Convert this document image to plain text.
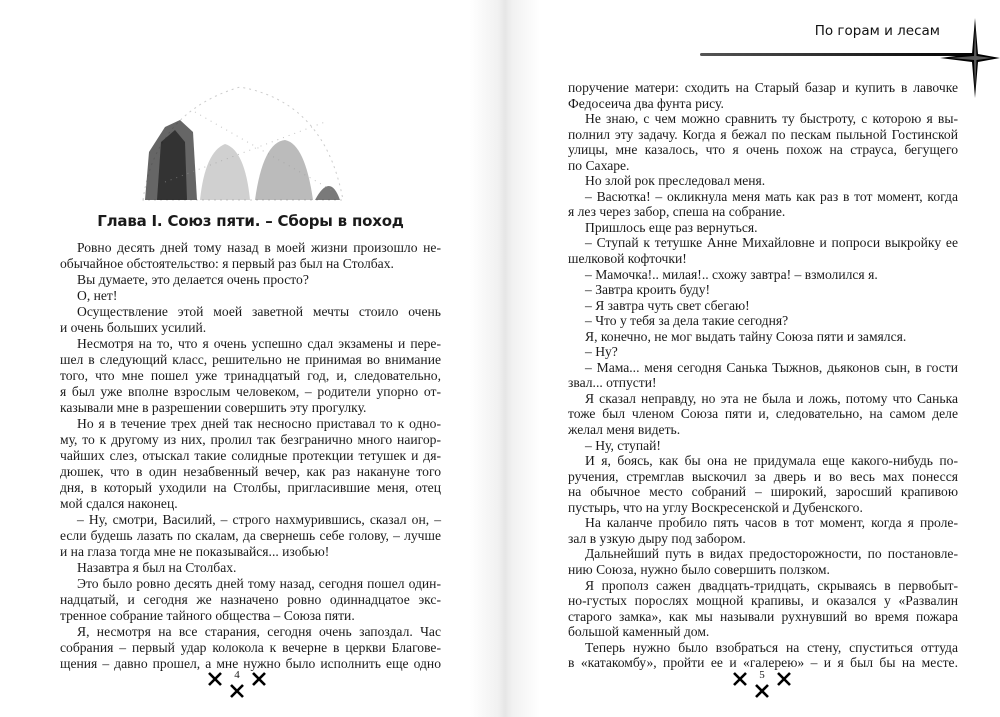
Глава I. Союз пяти. – Сборы в поход
По горам и лесам
Ровно десять дней тому назад в моей жизни произошло не-
обычайное обстоятельство: я первый раз был на Столбах.
Вы думаете, это делается очень просто?
О, нет!
Осуществление этой моей заветной мечты стоило очень
и очень больших усилий.
Несмотря на то, что я очень успешно сдал экзамены и пере-
шел в следующий класс, решительно не принимая во внимание
того, что мне пошел уже тринадцатый год, и, следовательно,
я был уже вполне взрослым человеком, – родители упорно от-
казывали мне в разрешении совершить эту прогулку.
Но я в течение трех дней так несносно приставал то к одно-
му, то к другому из них, пролил так безгранично много наигор-
чайших слез, отыскал такие солидные протекции тетушек и дя-
дюшек, что в один незабвенный вечер, как раз накануне того
дня, в который уходили на Столбы, пригласившие меня, отец
мой сдался наконец.
– Ну, смотри, Василий, – строго нахмурившись, сказал он, –
если будешь лазать по скалам, да свернешь себе голову, – лучше
и на глаза тогда мне не показывайся... изобью!
Назавтра я был на Столбах.
Это было ровно десять дней тому назад, сегодня пошел один-
надцатый, и сегодня же назначено ровно одиннадцатое экс-
тренное собрание тайного общества – Союза пяти.
Я, несмотря на все старания, сегодня очень запоздал. Час
собрания – первый удар колокола к вечерне в церкви Благове-
щения – давно прошел, а мне нужно было исполнить еще одно
поручение матери: сходить на Старый базар и купить в лавочке
Федосеича два фунта рису.
Не знаю, с чем можно сравнить ту быстроту, с которою я вы-
полнил эту задачу. Когда я бежал по пескам пыльной Гостинской
улицы, мне казалось, что я очень похож на страуса, бегущего
по Сахаре.
Но злой рок преследовал меня.
– Васютка! – окликнула меня мать как раз в тот момент, когда
я лез через забор, спеша на собрание.
Пришлось еще раз вернуться.
– Ступай к тетушке Анне Михайловне и попроси выкройку ее
шелковой кофточки!
– Мамочка!.. милая!.. схожу завтра! – взмолился я.
– Завтра кроить буду!
– Я завтра чуть свет сбегаю!
– Что у тебя за дела такие сегодня?
Я, конечно, не мог выдать тайну Союза пяти и замялся.
– Ну?
– Мама... меня сегодня Санька Тыжнов, дьяконов сын, в гости
звал... отпусти!
Я сказал неправду, но эта не была и ложь, потому что Санька
тоже был членом Союза пяти и, следовательно, на самом деле
желал меня видеть.
– Ну, ступай!
И я, боясь, как бы она не придумала еще какого-нибудь по-
ручения, стремглав выскочил за дверь и во весь мах понесся
на обычное место собраний – широкий, заросший крапивою
пустырь, что на углу Воскресенской и Дубенского.
На каланче пробило пять часов в тот момент, когда я проле-
зал в узкую дыру под забором.
Дальнейший путь в видах предосторожности, по постановле-
нию Союза, нужно было совершить ползком.
Я прополз сажен двадцать-тридцать, скрываясь в первобыт-
но-густых порослях мощной крапивы, и оказался у «Развалин
старого замка», как мы называли рухнувший во время пожара
большой каменный дом.
Теперь нужно было взобраться на стену, спуститься оттуда
в «катакомбу», пройти ее и «галерею» – и я был бы на месте.
4	5
